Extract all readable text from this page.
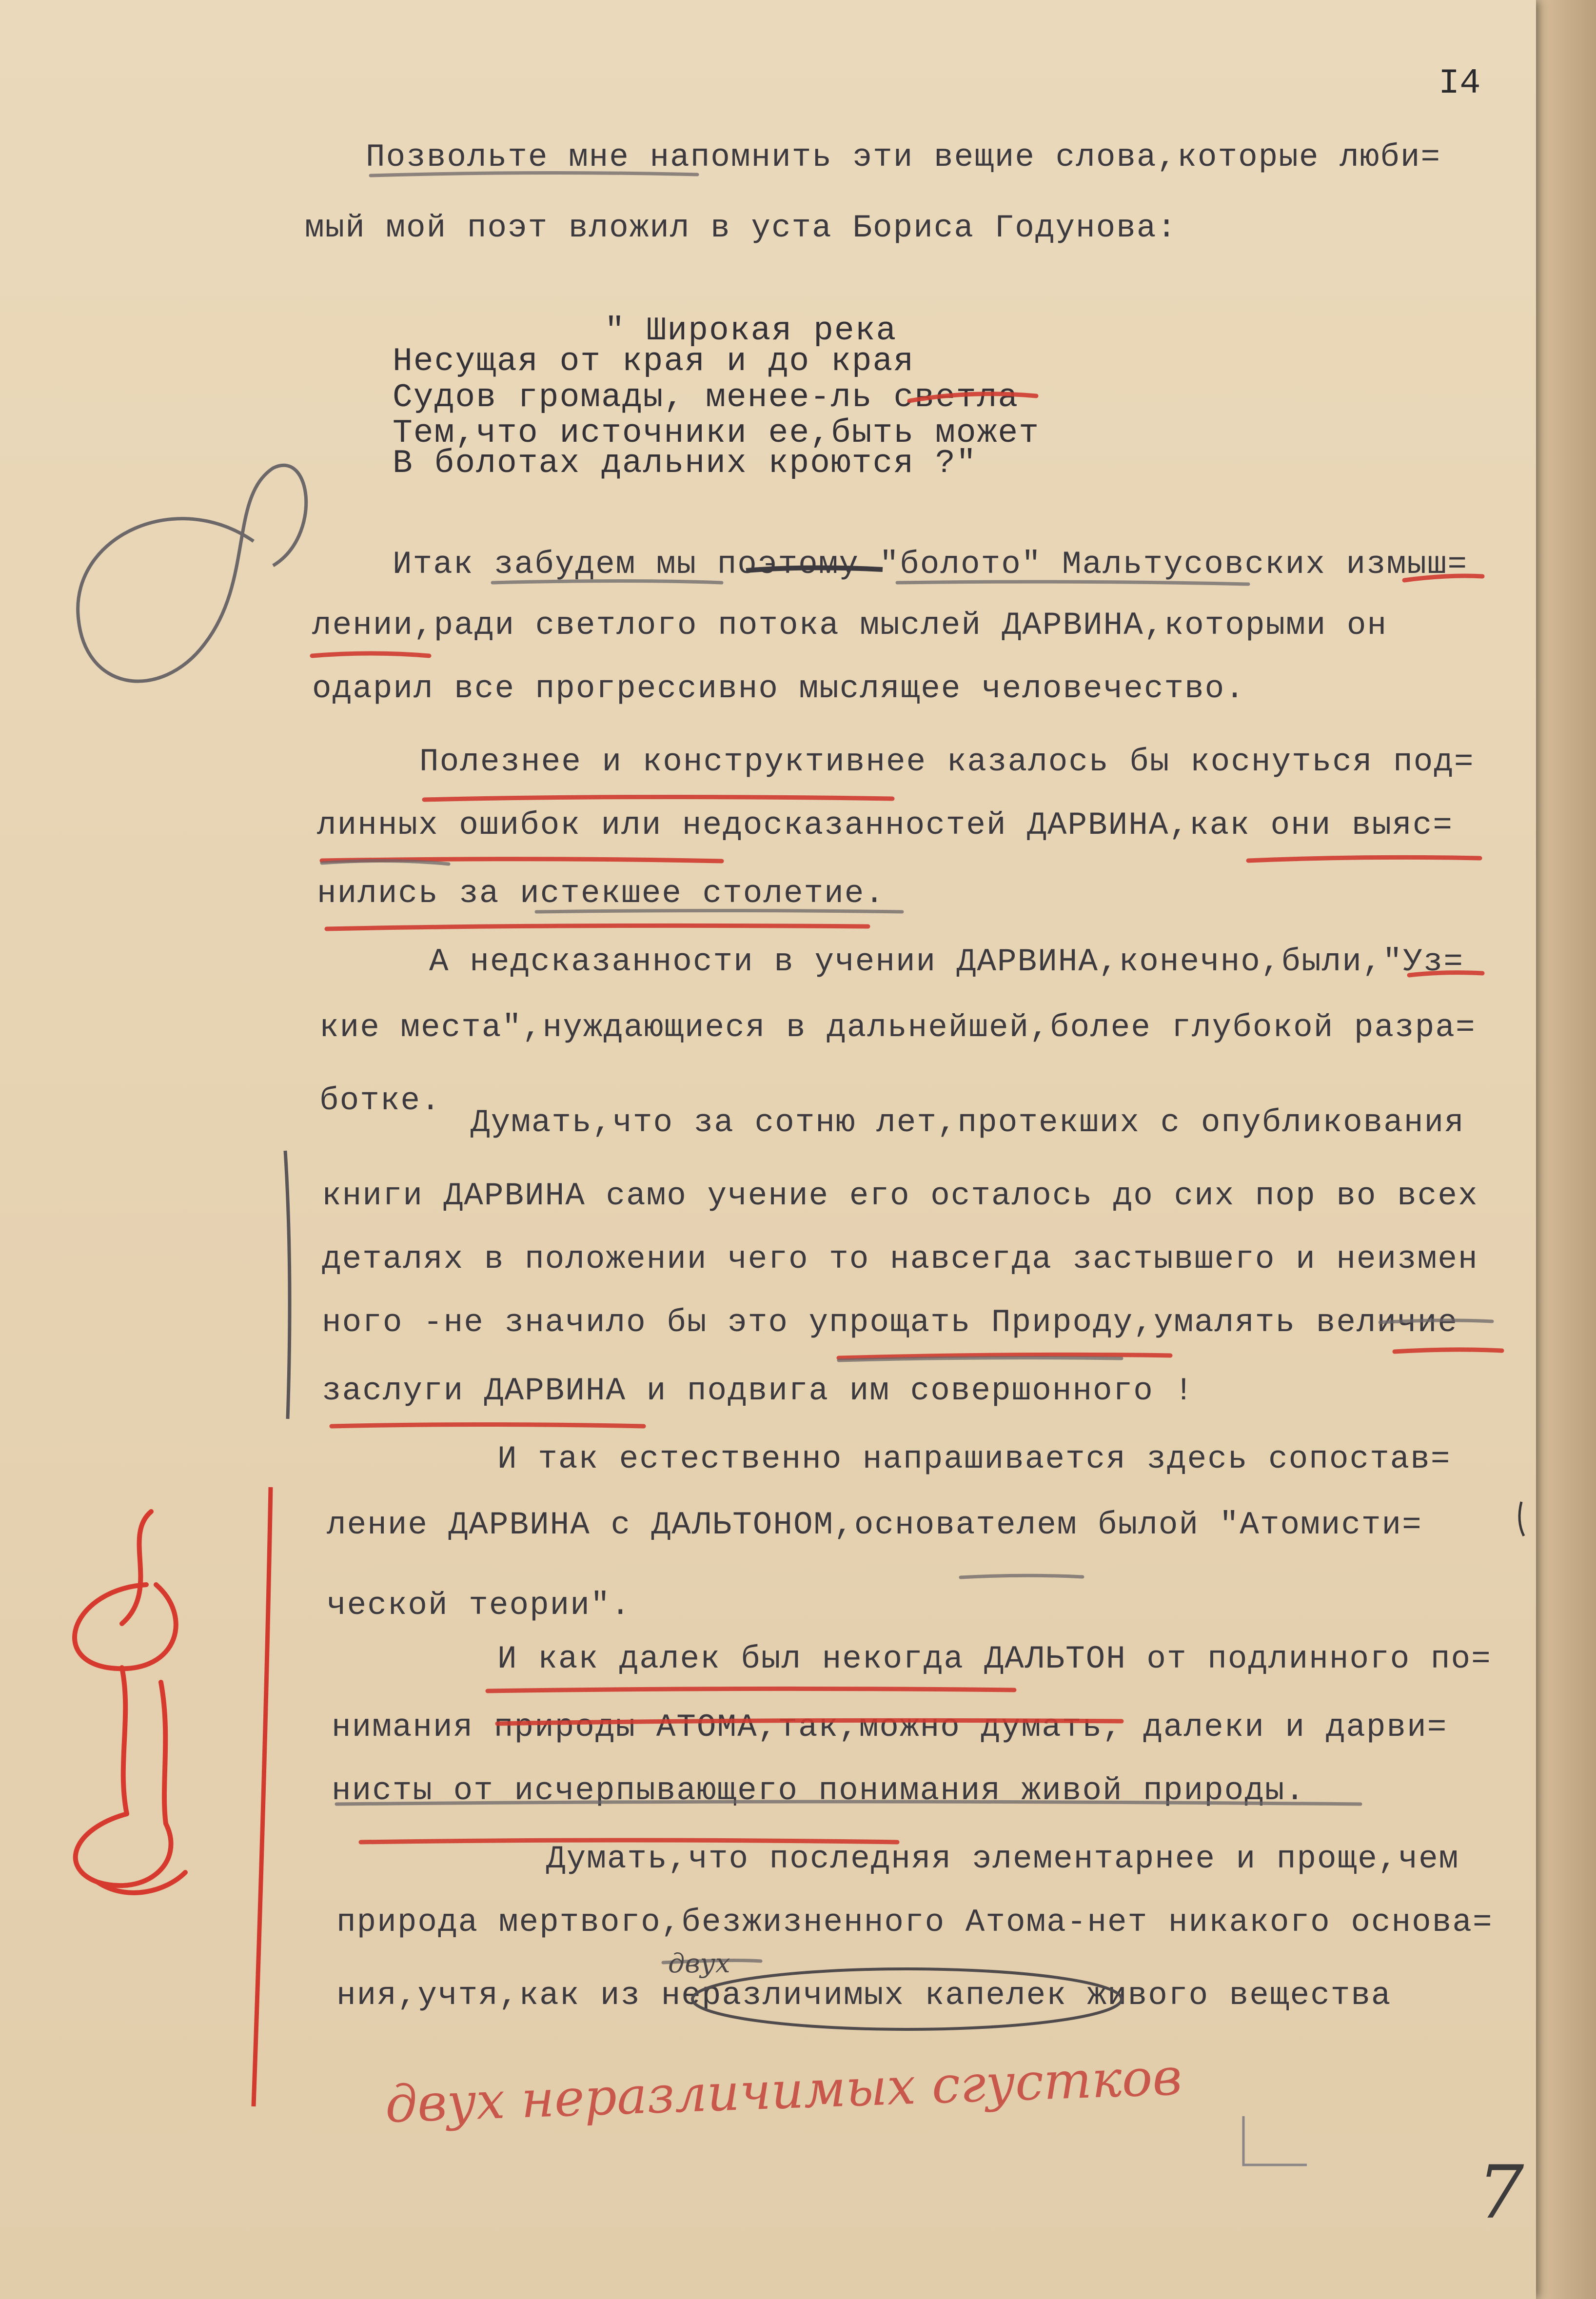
I4
Позвольте мне напомнить эти вещие слова,которые люби=
мый мой поэт вложил в уста Бориса Годунова:
" Широкая река
Несущая от края и до края
Судов громады, менее-ль светла
Тем,что источники ее,быть может
В болотах дальних кроются ?"
Итак забудем мы поэтому "болото" Мальтусовских измыш=
лении,ради светлого потока мыслей ДАРВИНА,которыми он
одарил все прогрессивно мыслящее человечество.
Полезнее и конструктивнее казалось бы коснуться под=
линных ошибок или недосказанностей ДАРВИНА,как они выяс=
нились за истекшее столетие.
А недсказанности в учении ДАРВИНА,конечно,были,"Уз=
кие места",нуждающиеся в дальнейшей,более глубокой разра=
ботке.
Думать,что за сотню лет,протекших с опубликования
книги ДАРВИНА само учение его осталось до сих пор во всех
деталях в положении чего то навсегда застывшего и неизмен
ного -не значило бы это упрощать Природу,умалять величие
заслуги ДАРВИНА и подвига им совершонного !
И так естественно напрашивается здесь сопостав=
ление ДАРВИНА с ДАЛЬТОНОМ,основателем былой "Атомисти=
ческой теории".
И как далек был некогда ДАЛЬТОН от подлинного по=
нимания природы АТОМА,так,можно думать, далеки и дарви=
нисты от исчерпывающего понимания живой природы.
Думать,что последняя элементарнее и проще,чем
природа мертвого,безжизненного Атома-нет никакого основа=
ния,учтя,как из неразличимых капелек живого вещества
двух
двух неразличимых сгустков
7
